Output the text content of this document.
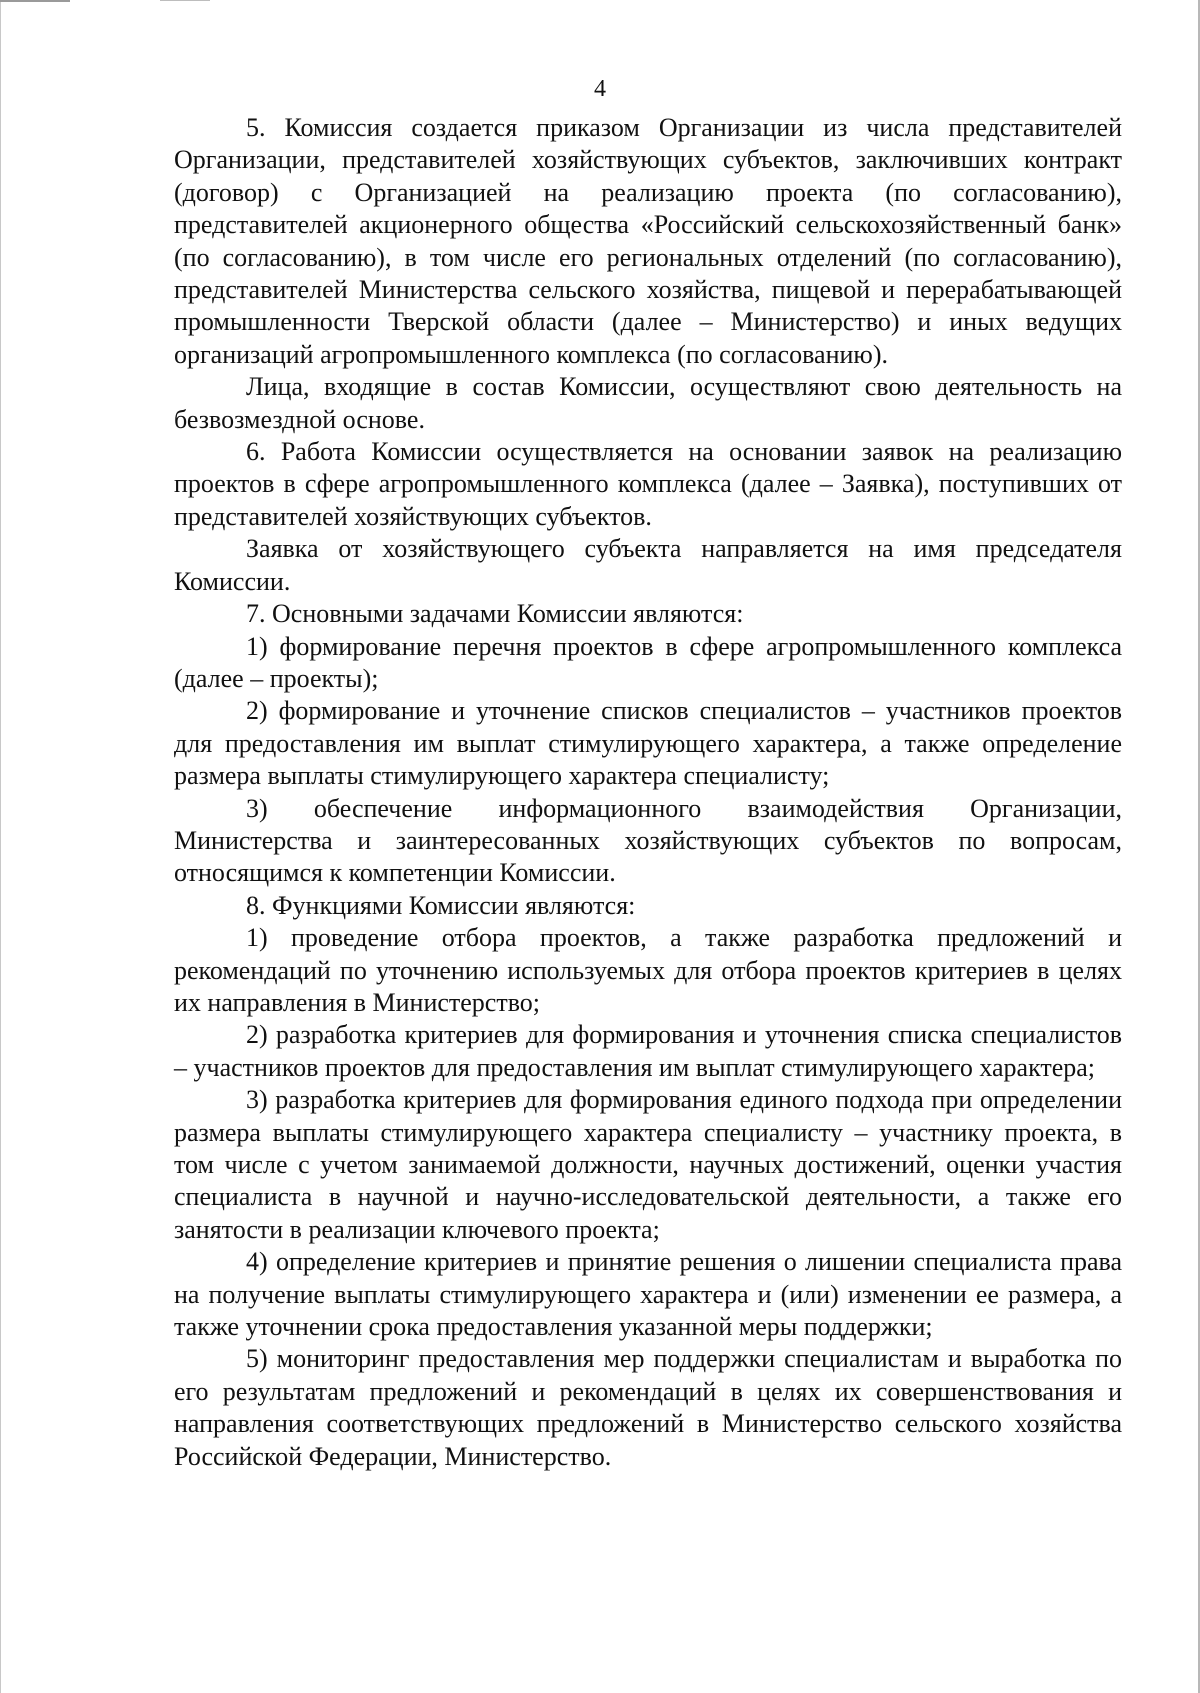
4

5. Комиссия создается приказом Организации из числа представителей Организации, представителей хозяйствующих субъектов, заключивших контракт (договор) с Организацией на реализацию проекта (по согласованию), представителей акционерного общества «Российский сельскохозяйственный банк» (по согласованию), в том числе его региональных отделений (по согласованию), представителей Министерства сельского хозяйства, пищевой и перерабатывающей промышленности Тверской области (далее – Министерство) и иных ведущих организаций агропромышленного комплекса (по согласованию).

Лица, входящие в состав Комиссии, осуществляют свою деятельность на безвозмездной основе.

6. Работа Комиссии осуществляется на основании заявок на реализацию проектов в сфере агропромышленного комплекса (далее – Заявка), поступивших от представителей хозяйствующих субъектов.

Заявка от хозяйствующего субъекта направляется на имя председателя Комиссии.

7. Основными задачами Комиссии являются:

1) формирование перечня проектов в сфере агропромышленного комплекса (далее – проекты);

2) формирование и уточнение списков специалистов – участников проектов для предоставления им выплат стимулирующего характера, а также определение размера выплаты стимулирующего характера специалисту;

3) обеспечение информационного взаимодействия Организации, Министерства и заинтересованных хозяйствующих субъектов по вопросам, относящимся к компетенции Комиссии.

8. Функциями Комиссии являются:

1) проведение отбора проектов, а также разработка предложений и рекомендаций по уточнению используемых для отбора проектов критериев в целях их направления в Министерство;

2) разработка критериев для формирования и уточнения списка специалистов – участников проектов для предоставления им выплат стимулирующего характера;

3) разработка критериев для формирования единого подхода при определении размера выплаты стимулирующего характера специалисту – участнику проекта, в том числе с учетом занимаемой должности, научных достижений, оценки участия специалиста в научной и научно-исследовательской деятельности, а также его занятости в реализации ключевого проекта;

4) определение критериев и принятие решения о лишении специалиста права на получение выплаты стимулирующего характера и (или) изменении ее размера, а также уточнении срока предоставления указанной меры поддержки;

5) мониторинг предоставления мер поддержки специалистам и выработка по его результатам предложений и рекомендаций в целях их совершенствования и направления соответствующих предложений в Министерство сельского хозяйства Российской Федерации, Министерство.
